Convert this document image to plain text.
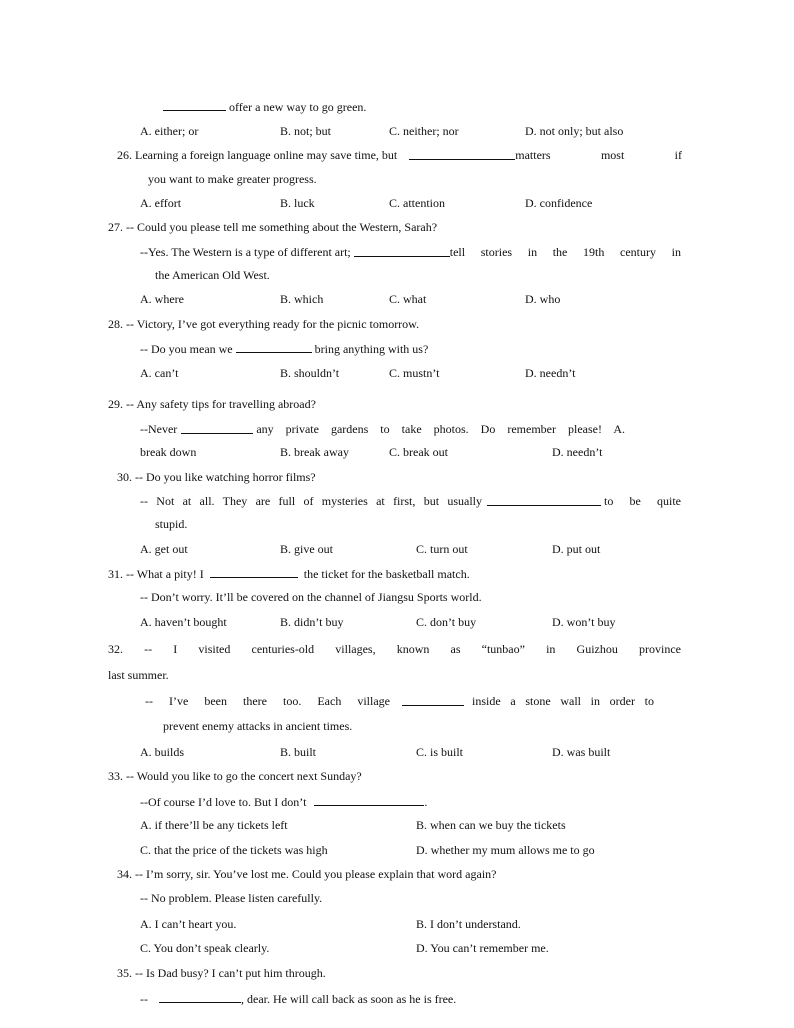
offer a new way to go green.
A. either; or	B. not; but	C. neither; nor	D. not only; but also
26. Learning a foreign language online may save time, but	matters most if
you want to make greater progress.
A. effort	B. luck	C. attention	D. confidence
27. -- Could you please tell me something about the Western, Sarah?
--Yes. The Western is a type of different art;	tell stories in the 19th century in
the American Old West.
A. where	B. which	C. what	D. who
28. -- Victory, I’ve got everything ready for the picnic tomorrow.
-- Do you mean we	bring anything with us?
A. can’t	B. shouldn’t	C. mustn’t	D. needn’t
29. -- Any safety tips for travelling abroad?
--Never	any private gardens to take photos. Do remember please! A.
break down	B. break away	C. break out	D. needn’t
30. -- Do you like watching horror films?
-- Not at all. They are full of mysteries at first, but usually	to be quite
stupid.
A. get out	B. give out	C. turn out	D. put out
31. -- What a pity! I	the ticket for the basketball match.
-- Don’t worry. It’ll be covered on the channel of Jiangsu Sports world.
A. haven’t bought	B. didn’t buy	C. don’t buy	D. won’t buy
32. -- I visited centuries-old villages, known as “tunbao” in Guizhou province
last summer.
-- I’ve been there too. Each village	inside a stone wall in order to
prevent enemy attacks in ancient times.
A. builds	B. built	C. is built	D. was built
33. -- Would you like to go the concert next Sunday?
--Of course I’d love to. But I don’t	.
A. if there’ll be any tickets left	B. when can we buy the tickets
C. that the price of the tickets was high	D. whether my mum allows me to go
34. -- I’m sorry, sir. You’ve lost me. Could you please explain that word again?
-- No problem. Please listen carefully.
A. I can’t heart you.	B. I don’t understand.
C. You don’t speak clearly.	D. You can’t remember me.
35. -- Is Dad busy? I can’t put him through.
--	, dear. He will call back as soon as he is free.
